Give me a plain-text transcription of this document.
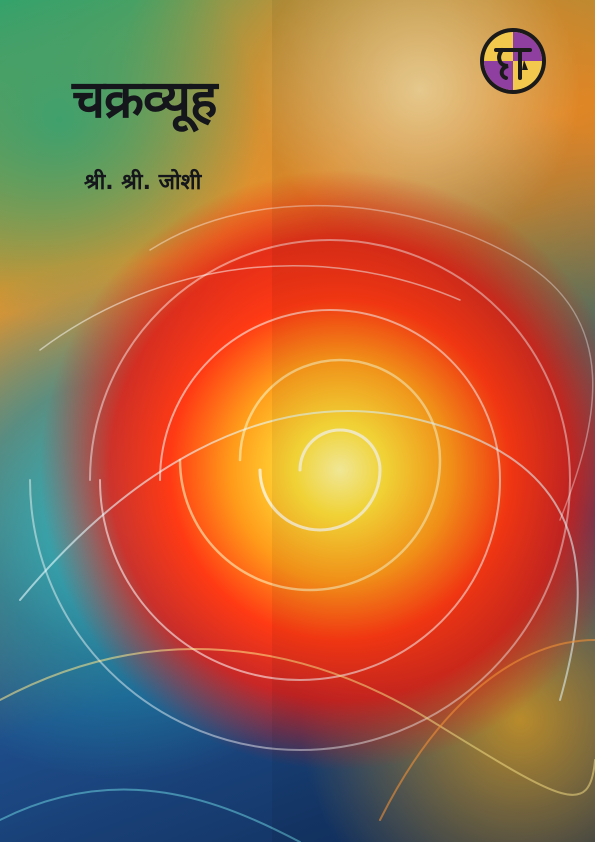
चक्रव्यूह
श्री. श्री. जोशी
